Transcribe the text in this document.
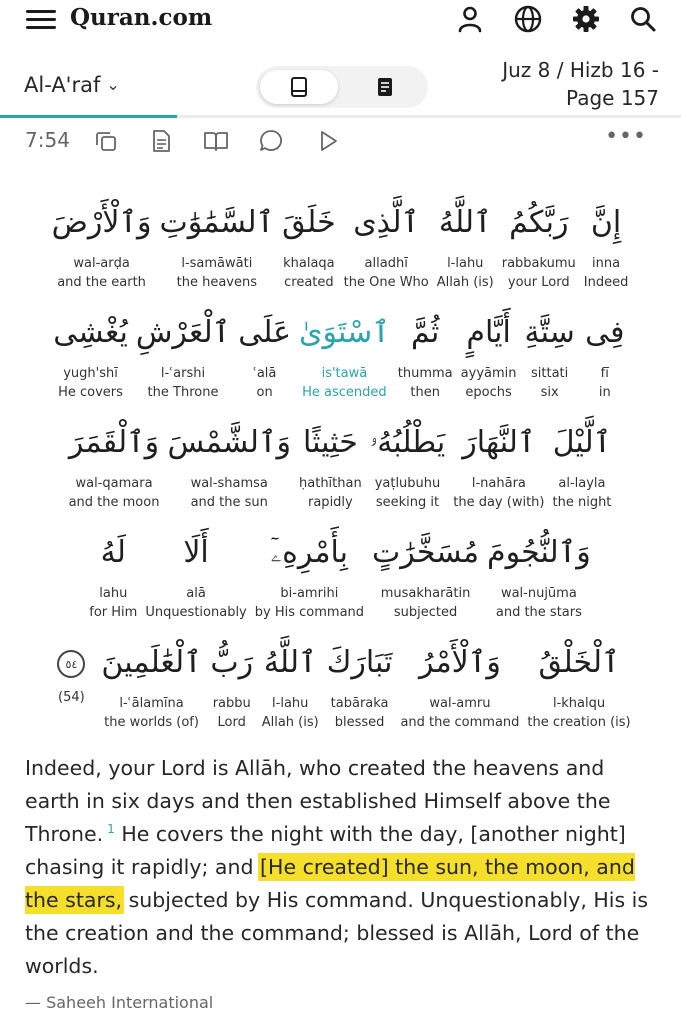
Quran.com
Al-A'raf ⌄
Juz 8 / Hizb 16 -
Page 157
7:54	•••
إِنَّ
inna
Indeed
رَبَّكُمُ
rabbakumu
your Lord
ٱللَّهُ
l-lahu
Allah (is)
ٱلَّذِى
alladhī
the One Who
خَلَقَ
khalaqa
created
ٱلسَّمَٰوَٰتِ
l-samāwāti
the heavens
وَٱلْأَرْضَ
wal-arḍa
and the earth
فِى
fī
in
سِتَّةِ
sittati
six
أَيَّامٍ
ayyāmin
epochs
ثُمَّ
thumma
then
ٱسْتَوَىٰ
is'tawā
He ascended
عَلَى
ʿalā
on
ٱلْعَرْشِ
l-ʿarshi
the Throne
يُغْشِى
yugh'shī
He covers
ٱلَّيْلَ
al-layla
the night
ٱلنَّهَارَ
l-nahāra
the day (with)
يَطْلُبُهُۥ
yaṭlubuhu
seeking it
حَثِيثًا
ḥathīthan
rapidly
وَٱلشَّمْسَ
wal-shamsa
and the sun
وَٱلْقَمَرَ
wal-qamara
and the moon
وَٱلنُّجُومَ
wal-nujūma
and the stars
مُسَخَّرَٰتٍ
musakharātin
subjected
بِأَمْرِهِۦٓ
bi-amrihi
by His command
أَلَا
alā
Unquestionably
لَهُ
lahu
for Him
ٱلْخَلْقُ
l-khalqu
the creation (is)
وَٱلْأَمْرُ
wal-amru
and the command
تَبَارَكَ
tabāraka
blessed
ٱللَّهُ
l-lahu
Allah (is)
رَبُّ
rabbu
Lord
ٱلْعَٰلَمِينَ
l-ʿālamīna
the worlds (of)
٥٤
(54)
Indeed, your Lord is Allāh, who created the heavens and earth in six days and then established Himself above the Throne. $^1$ He covers the night with the day, [another night] chasing it rapidly; and [He created] the sun, the moon, and the stars, subjected by His command. Unquestionably, His is the creation and the command; blessed is Allāh, Lord of the worlds.
— Saheeh International
